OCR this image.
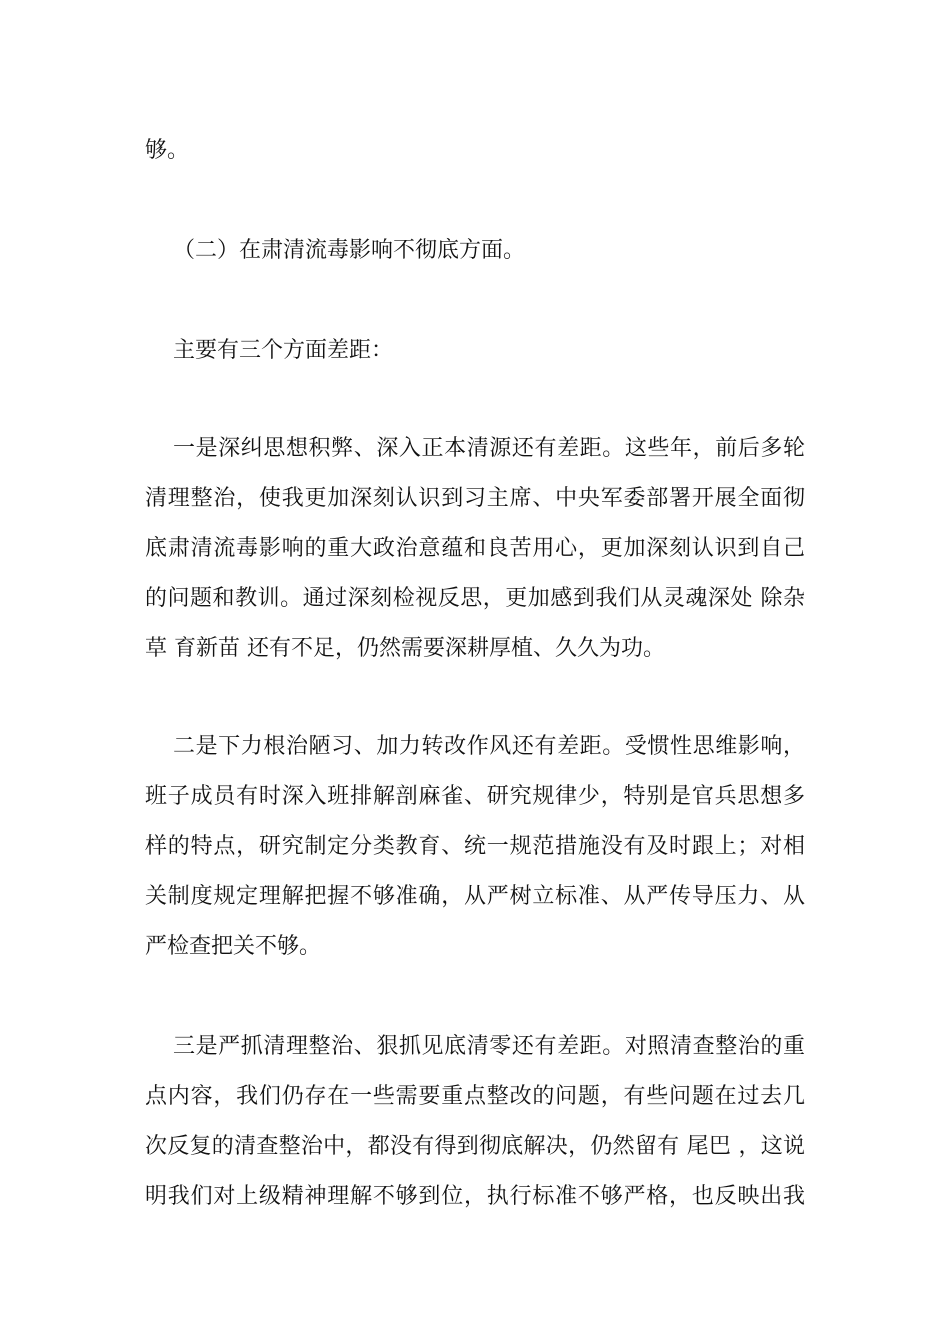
够。
（二）在肃清流毒影响不彻底方面。
主要有三个方面差距：
一是深纠思想积弊、深入正本清源还有差距。这些年，前后多轮
清理整治，使我更加深刻认识到习主席、中央军委部署开展全面彻
底肃清流毒影响的重大政治意蕴和良苦用心，更加深刻认识到自己
的问题和教训。通过深刻检视反思，更加感到我们从灵魂深处 除杂
草 育新苗 还有不足，仍然需要深耕厚植、久久为功。
二是下力根治陋习、加力转改作风还有差距。受惯性思维影响，
班子成员有时深入班排解剖麻雀、研究规律少，特别是官兵思想多
样的特点，研究制定分类教育、统一规范措施没有及时跟上；对相
关制度规定理解把握不够准确，从严树立标准、从严传导压力、从
严检查把关不够。
三是严抓清理整治、狠抓见底清零还有差距。对照清查整治的重
点内容，我们仍存在一些需要重点整改的问题，有些问题在过去几
次反复的清查整治中，都没有得到彻底解决，仍然留有 尾巴 ，这说
明我们对上级精神理解不够到位，执行标准不够严格，也反映出我
